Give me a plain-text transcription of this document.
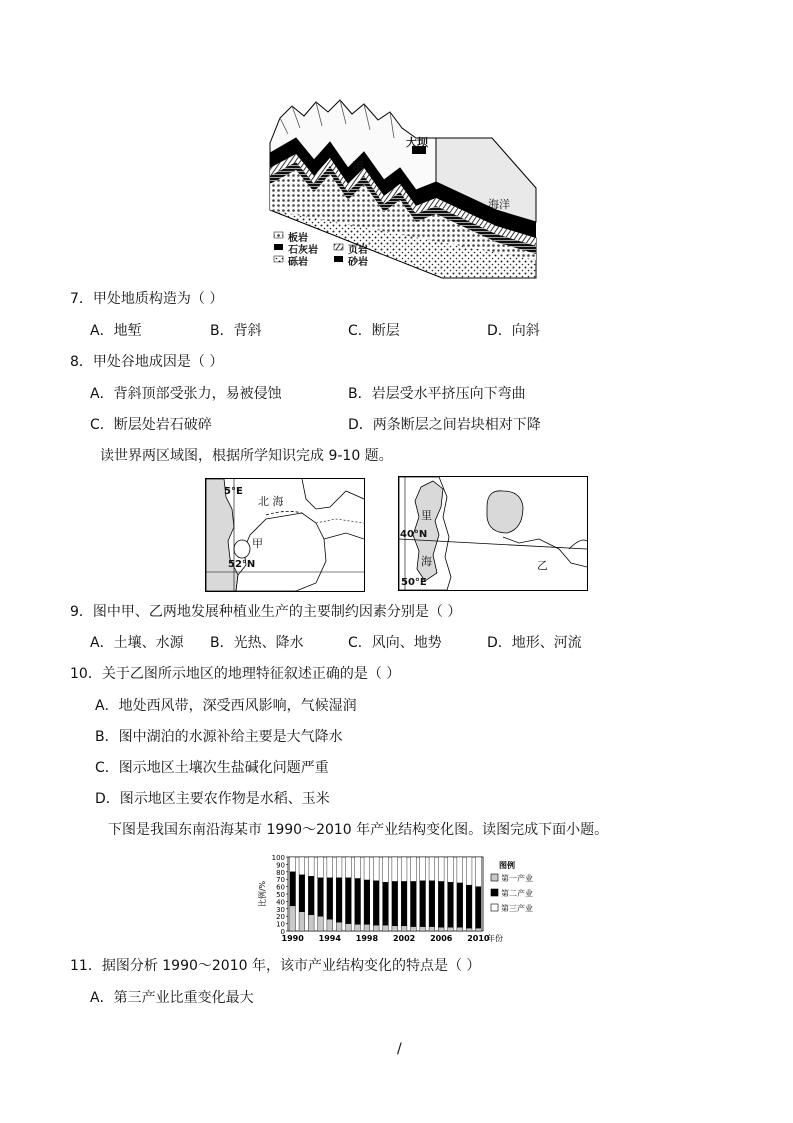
甲
大坝
海洋
板岩
石灰岩	页岩
砾岩	砂岩
7．甲处地质构造为（ ）
A．地堑	B．背斜	C．断层	D．向斜
8．甲处谷地成因是（ ）
A．背斜顶部受张力，易被侵蚀	B．岩层受水平挤压向下弯曲
C．断层处岩石破碎	D．两条断层之间岩块相对下降
读世界两区域图，根据所学知识完成 9-10 题。
5°E
北 海
甲
52°N
40°N
50°E
里
海	乙
9．图中甲、乙两地发展种植业生产的主要制约因素分别是（ ）
A．土壤、水源 B．光热、降水	C．风向、地势	D．地形、河流
10．关于乙图所示地区的地理特征叙述正确的是（ ）
A．地处西风带，深受西风影响，气候湿润
B．图中湖泊的水源补给主要是大气降水
C．图示地区土壤次生盐碱化问题严重
D．图示地区主要农作物是水稻、玉米
下图是我国东南沿海某市 1990～2010 年产业结构变化图。读图完成下面小题。
0
10
20
30
40
50
60
70
80
90
100
比例/%
1990 1994 1998 2002 2006 2010
年份
图例
第一产业
第二产业
第三产业
11．据图分析 1990～2010 年，该市产业结构变化的特点是（ ）
A．第三产业比重变化最大
/
